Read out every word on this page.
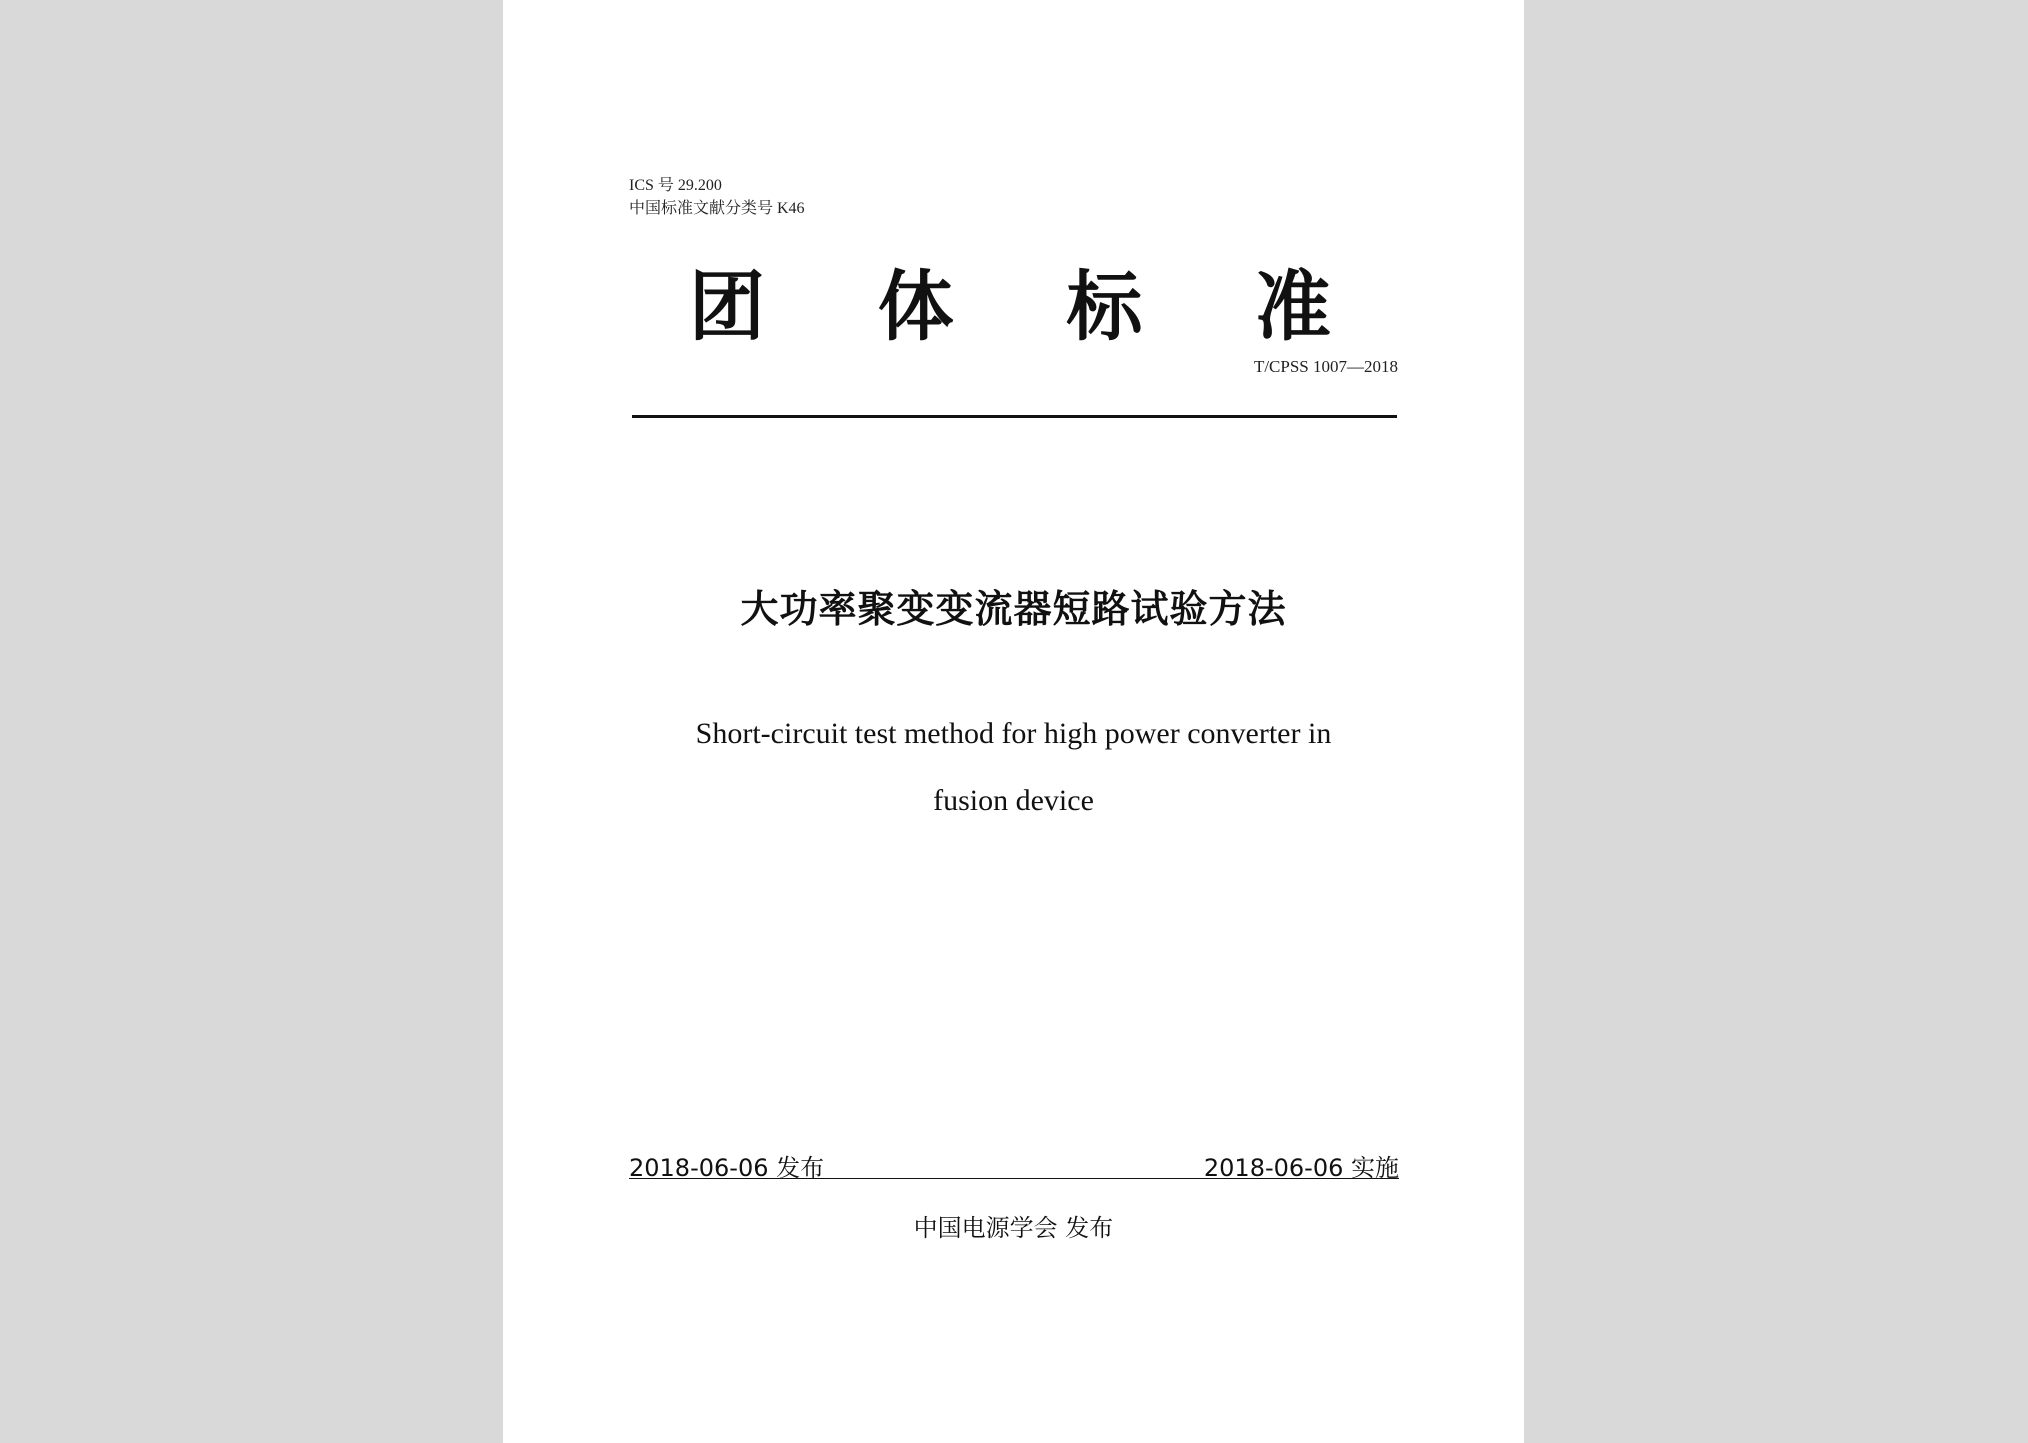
ICS 号 29.200
中国标准文献分类号 K46
团 体 标 准
T/CPSS 1007—2018
大功率聚变变流器短路试验方法
Short-circuit test method for high power converter in
fusion device
2018-06-06 发布	2018-06-06 实施
中国电源学会 发布
